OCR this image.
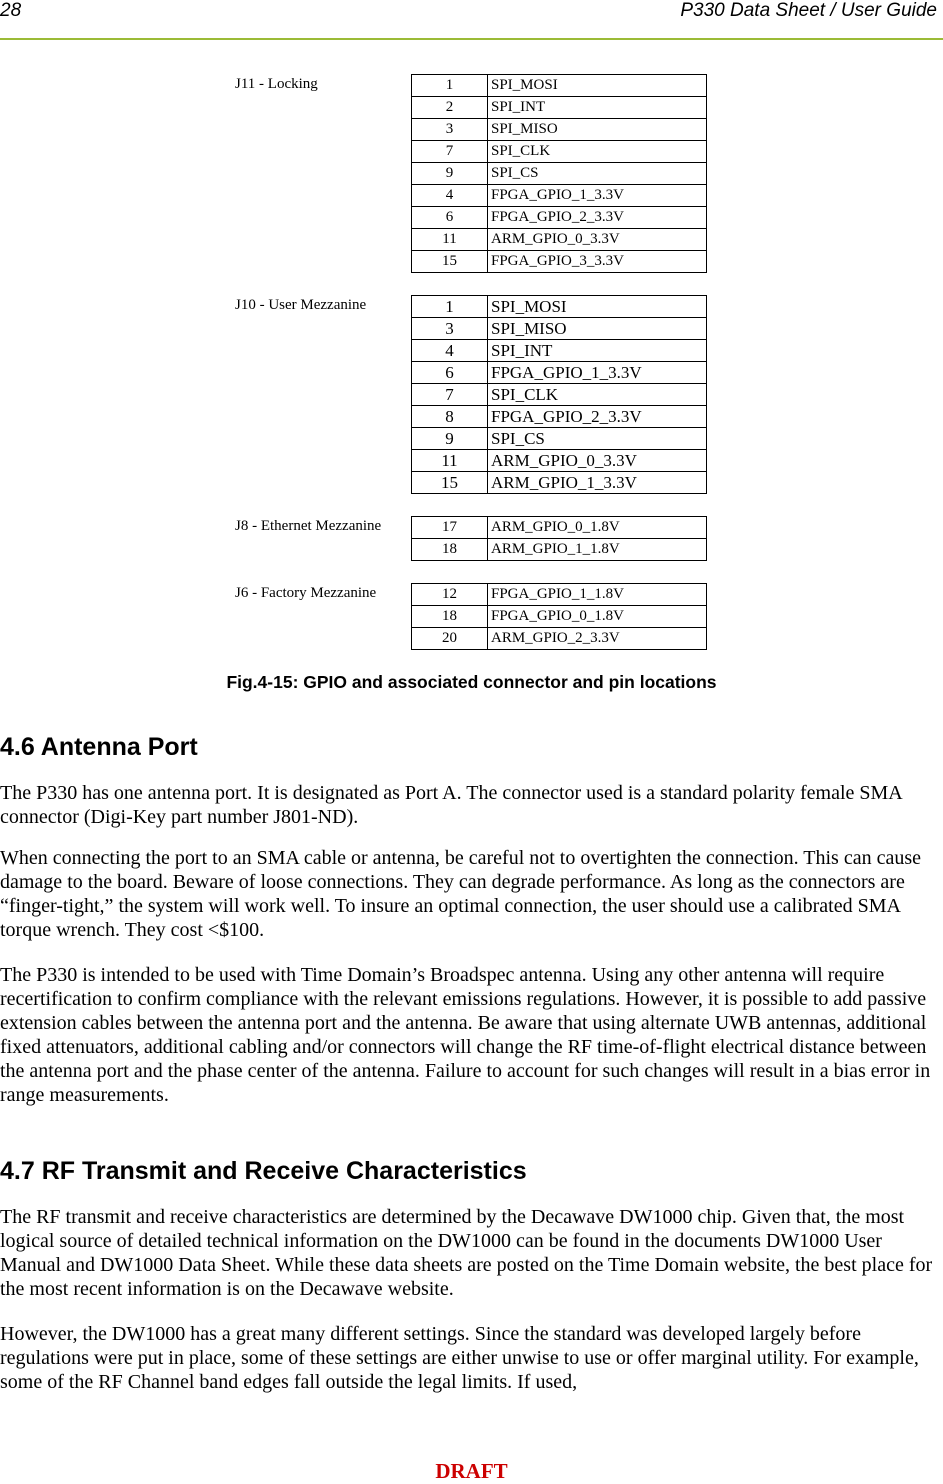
28	P330 Data Sheet / User Guide
J11 - Locking	1	SPI_MOSI
2	SPI_INT
3	SPI_MISO
7	SPI_CLK
9	SPI_CS
4	FPGA_GPIO_1_3.3V
6	FPGA_GPIO_2_3.3V
11	ARM_GPIO_0_3.3V
15	FPGA_GPIO_3_3.3V
J10 - User Mezzanine	1	SPI_MOSI
3	SPI_MISO
4	SPI_INT
6	FPGA_GPIO_1_3.3V
7	SPI_CLK
8	FPGA_GPIO_2_3.3V
9	SPI_CS
11	ARM_GPIO_0_3.3V
15	ARM_GPIO_1_3.3V
J8 - Ethernet Mezzanine	17	ARM_GPIO_0_1.8V
18	ARM_GPIO_1_1.8V
J6 - Factory Mezzanine	12	FPGA_GPIO_1_1.8V
18	FPGA_GPIO_0_1.8V
20	ARM_GPIO_2_3.3V
Fig.4-15: GPIO and associated connector and pin locations
4.6 Antenna Port

The P330 has one antenna port. It is designated as Port A. The connector used is a standard polarity female SMA connector (Digi-Key part number J801-ND).

When connecting the port to an SMA cable or antenna, be careful not to overtighten the connection. This can cause damage to the board. Beware of loose connections. They can degrade performance. As long as the connectors are “finger-tight,” the system will work well. To insure an optimal connection, the user should use a calibrated SMA torque wrench. They cost <$100.

The P330 is intended to be used with Time Domain’s Broadspec antenna. Using any other antenna will require recertification to confirm compliance with the relevant emissions regulations. However, it is possible to add passive extension cables between the antenna port and the antenna. Be aware that using alternate UWB antennas, additional fixed attenuators, additional cabling and/or connectors will change the RF time-of-flight electrical distance between the antenna port and the phase center of the antenna. Failure to account for such changes will result in a bias error in range measurements.

4.7 RF Transmit and Receive Characteristics

The RF transmit and receive characteristics are determined by the Decawave DW1000 chip. Given that, the most logical source of detailed technical information on the DW1000 can be found in the documents DW1000 User Manual and DW1000 Data Sheet. While these data sheets are posted on the Time Domain website, the best place for the most recent information is on the Decawave website.

However, the DW1000 has a great many different settings. Since the standard was developed largely before regulations were put in place, some of these settings are either unwise to use or offer marginal utility. For example, some of the RF Channel band edges fall outside the legal limits. If used,

DRAFT
